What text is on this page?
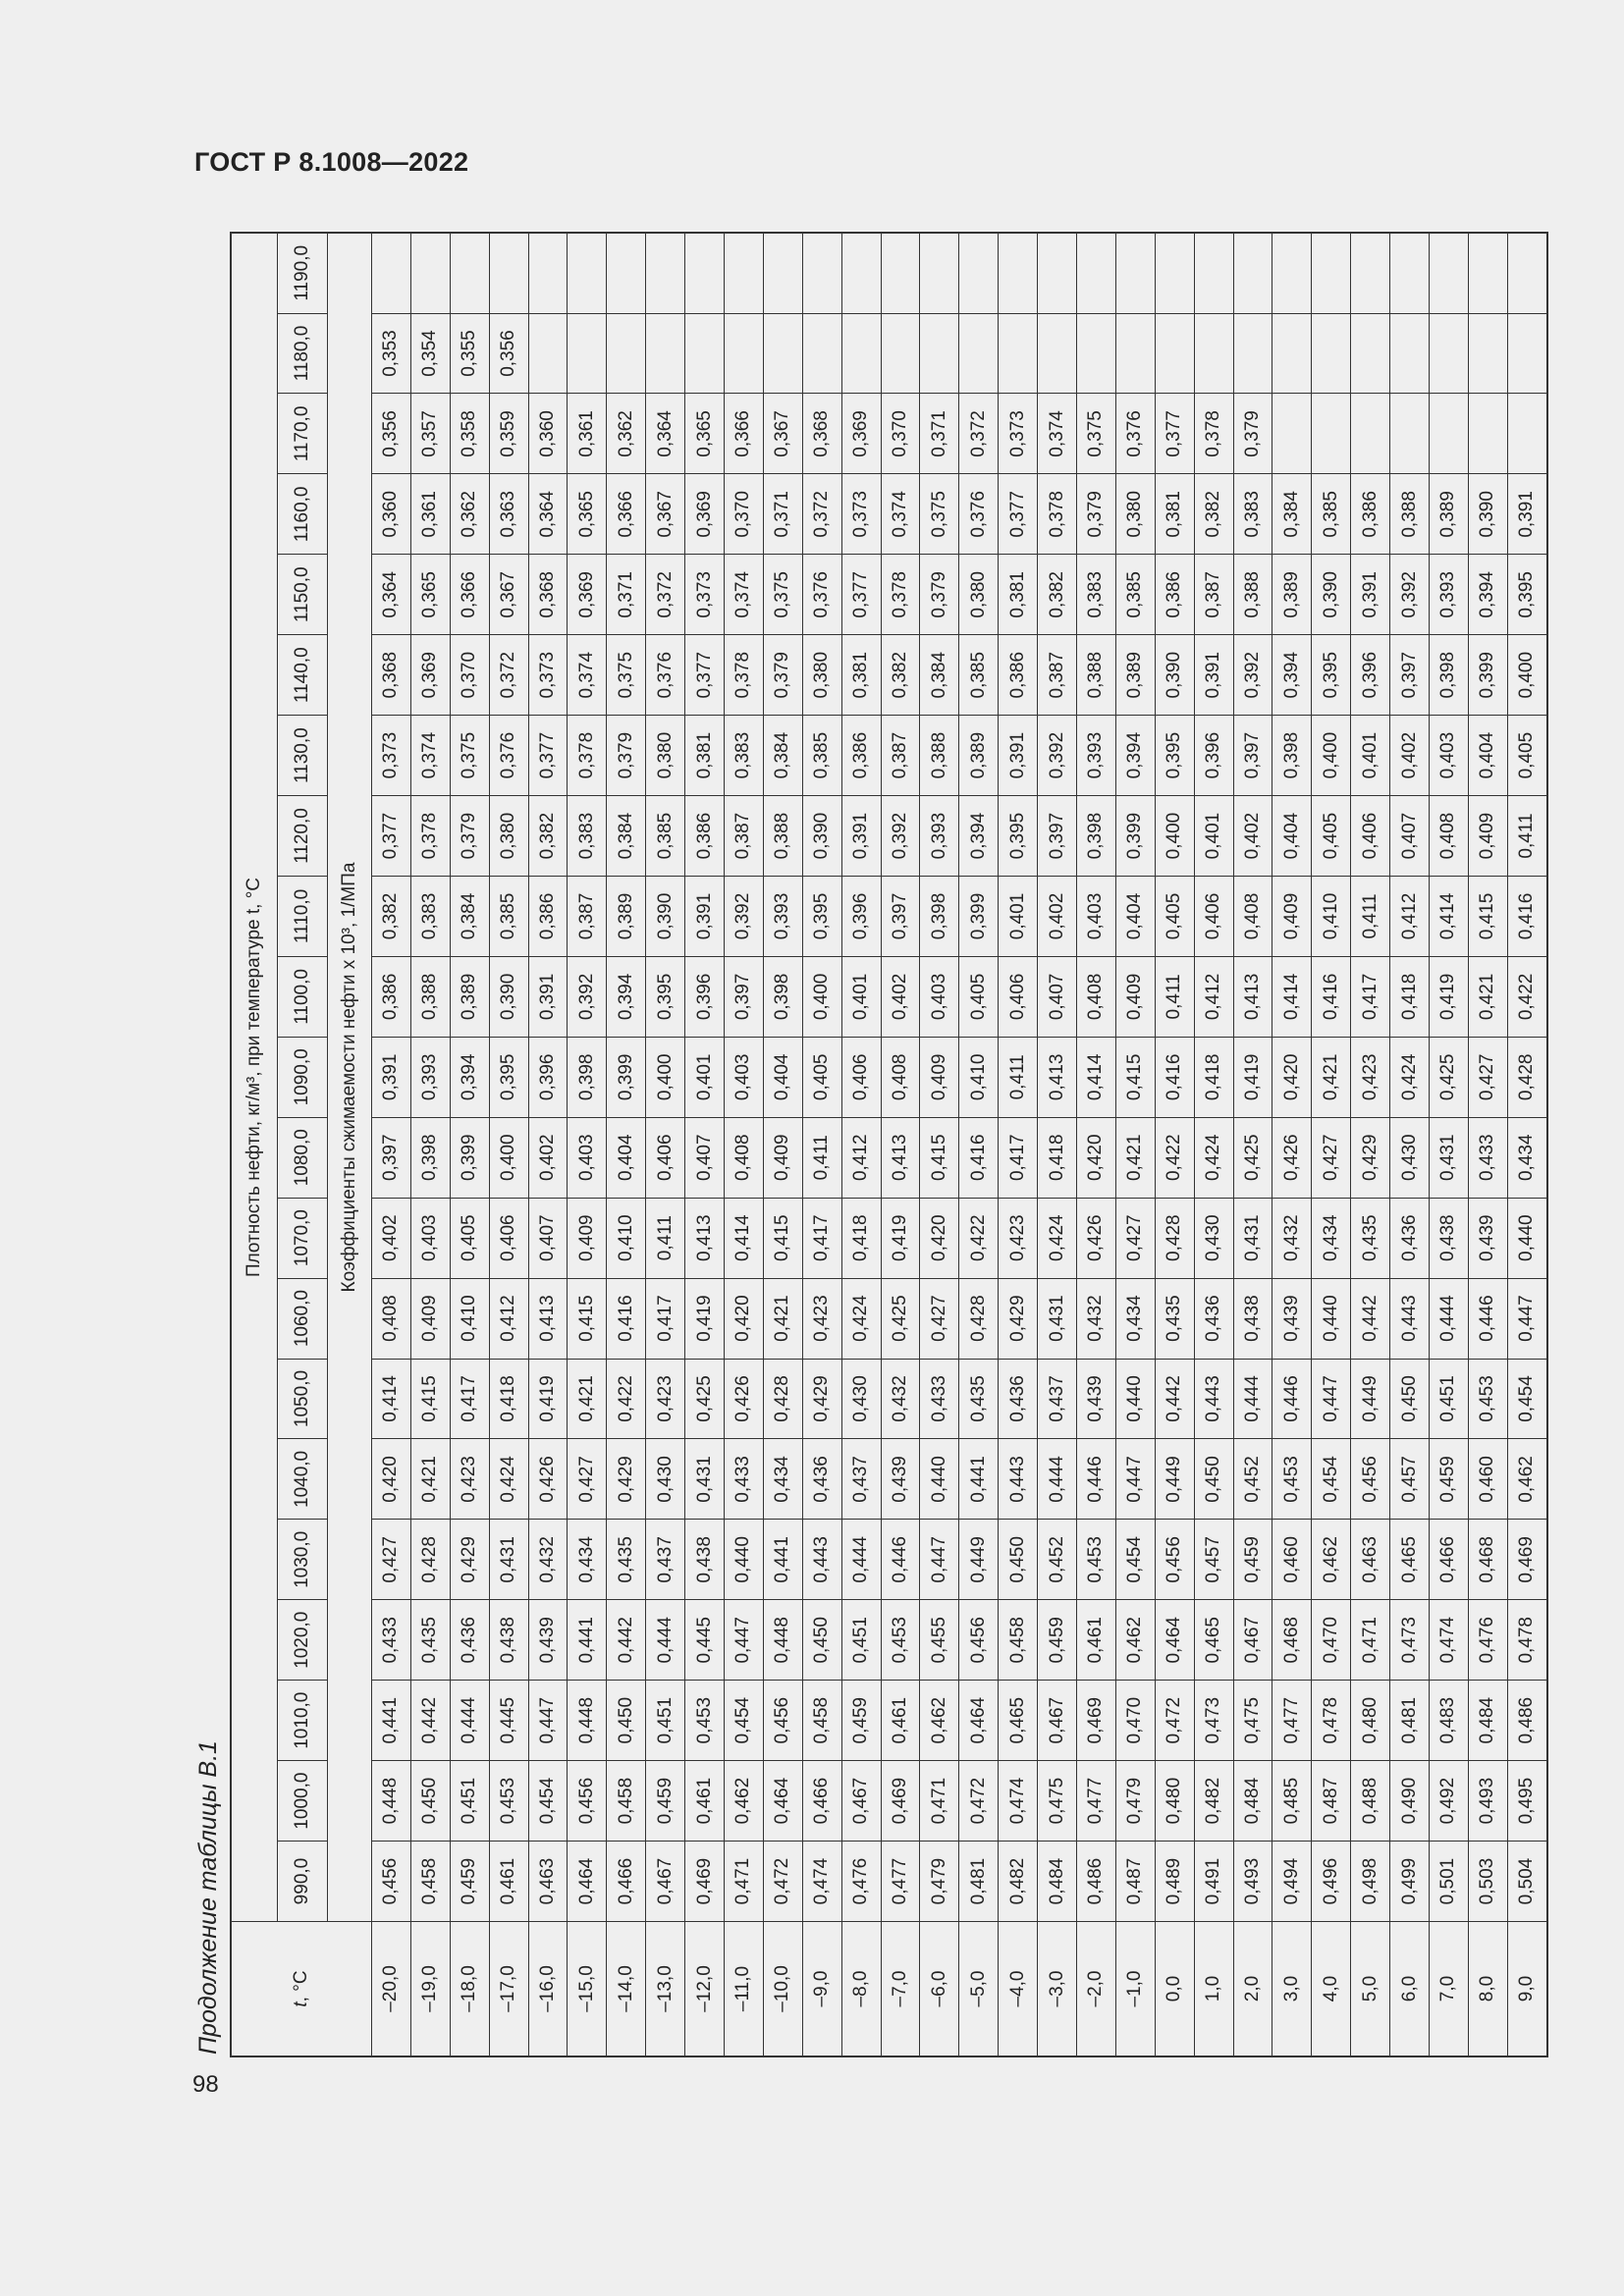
ГОСТ Р 8.1008—2022
Продолжение таблицы В.1	t, °С	Плотность нефти, кг/м³, при температуре t, °С																				
	990,0	1000,0	1010,0	1020,0	1030,0	1040,0	1050,0	1060,0	1070,0	1080,0	1090,0	1100,0	1110,0	1120,0	1130,0	1140,0	1150,0	1160,0	1170,0	1180,0	1190,0
	Коэффициенты сжимаемости нефти x 10³, 1/МПа																				
–20,0	0,456	0,448	0,441	0,433	0,427	0,420	0,414	0,408	0,402	0,397	0,391	0,386	0,382	0,377	0,373	0,368	0,364	0,360	0,356	0,353	
–19,0	0,458	0,450	0,442	0,435	0,428	0,421	0,415	0,409	0,403	0,398	0,393	0,388	0,383	0,378	0,374	0,369	0,365	0,361	0,357	0,354	
–18,0	0,459	0,451	0,444	0,436	0,429	0,423	0,417	0,410	0,405	0,399	0,394	0,389	0,384	0,379	0,375	0,370	0,366	0,362	0,358	0,355	
–17,0	0,461	0,453	0,445	0,438	0,431	0,424	0,418	0,412	0,406	0,400	0,395	0,390	0,385	0,380	0,376	0,372	0,367	0,363	0,359	0,356	
–16,0	0,463	0,454	0,447	0,439	0,432	0,426	0,419	0,413	0,407	0,402	0,396	0,391	0,386	0,382	0,377	0,373	0,368	0,364	0,360		
–15,0	0,464	0,456	0,448	0,441	0,434	0,427	0,421	0,415	0,409	0,403	0,398	0,392	0,387	0,383	0,378	0,374	0,369	0,365	0,361		
–14,0	0,466	0,458	0,450	0,442	0,435	0,429	0,422	0,416	0,410	0,404	0,399	0,394	0,389	0,384	0,379	0,375	0,371	0,366	0,362		
–13,0	0,467	0,459	0,451	0,444	0,437	0,430	0,423	0,417	0,411	0,406	0,400	0,395	0,390	0,385	0,380	0,376	0,372	0,367	0,364		
–12,0	0,469	0,461	0,453	0,445	0,438	0,431	0,425	0,419	0,413	0,407	0,401	0,396	0,391	0,386	0,381	0,377	0,373	0,369	0,365		
–11,0	0,471	0,462	0,454	0,447	0,440	0,433	0,426	0,420	0,414	0,408	0,403	0,397	0,392	0,387	0,383	0,378	0,374	0,370	0,366		
–10,0	0,472	0,464	0,456	0,448	0,441	0,434	0,428	0,421	0,415	0,409	0,404	0,398	0,393	0,388	0,384	0,379	0,375	0,371	0,367		
–9,0	0,474	0,466	0,458	0,450	0,443	0,436	0,429	0,423	0,417	0,411	0,405	0,400	0,395	0,390	0,385	0,380	0,376	0,372	0,368		
–8,0	0,476	0,467	0,459	0,451	0,444	0,437	0,430	0,424	0,418	0,412	0,406	0,401	0,396	0,391	0,386	0,381	0,377	0,373	0,369		
–7,0	0,477	0,469	0,461	0,453	0,446	0,439	0,432	0,425	0,419	0,413	0,408	0,402	0,397	0,392	0,387	0,382	0,378	0,374	0,370		
–6,0	0,479	0,471	0,462	0,455	0,447	0,440	0,433	0,427	0,420	0,415	0,409	0,403	0,398	0,393	0,388	0,384	0,379	0,375	0,371		
–5,0	0,481	0,472	0,464	0,456	0,449	0,441	0,435	0,428	0,422	0,416	0,410	0,405	0,399	0,394	0,389	0,385	0,380	0,376	0,372		
–4,0	0,482	0,474	0,465	0,458	0,450	0,443	0,436	0,429	0,423	0,417	0,411	0,406	0,401	0,395	0,391	0,386	0,381	0,377	0,373		
–3,0	0,484	0,475	0,467	0,459	0,452	0,444	0,437	0,431	0,424	0,418	0,413	0,407	0,402	0,397	0,392	0,387	0,382	0,378	0,374		
–2,0	0,486	0,477	0,469	0,461	0,453	0,446	0,439	0,432	0,426	0,420	0,414	0,408	0,403	0,398	0,393	0,388	0,383	0,379	0,375		
–1,0	0,487	0,479	0,470	0,462	0,454	0,447	0,440	0,434	0,427	0,421	0,415	0,409	0,404	0,399	0,394	0,389	0,385	0,380	0,376		
0,0	0,489	0,480	0,472	0,464	0,456	0,449	0,442	0,435	0,428	0,422	0,416	0,411	0,405	0,400	0,395	0,390	0,386	0,381	0,377		
1,0	0,491	0,482	0,473	0,465	0,457	0,450	0,443	0,436	0,430	0,424	0,418	0,412	0,406	0,401	0,396	0,391	0,387	0,382	0,378		
2,0	0,493	0,484	0,475	0,467	0,459	0,452	0,444	0,438	0,431	0,425	0,419	0,413	0,408	0,402	0,397	0,392	0,388	0,383	0,379		
3,0	0,494	0,485	0,477	0,468	0,460	0,453	0,446	0,439	0,432	0,426	0,420	0,414	0,409	0,404	0,398	0,394	0,389	0,384			
4,0	0,496	0,487	0,478	0,470	0,462	0,454	0,447	0,440	0,434	0,427	0,421	0,416	0,410	0,405	0,400	0,395	0,390	0,385			
5,0	0,498	0,488	0,480	0,471	0,463	0,456	0,449	0,442	0,435	0,429	0,423	0,417	0,411	0,406	0,401	0,396	0,391	0,386			
6,0	0,499	0,490	0,481	0,473	0,465	0,457	0,450	0,443	0,436	0,430	0,424	0,418	0,412	0,407	0,402	0,397	0,392	0,388			
7,0	0,501	0,492	0,483	0,474	0,466	0,459	0,451	0,444	0,438	0,431	0,425	0,419	0,414	0,408	0,403	0,398	0,393	0,389			
8,0	0,503	0,493	0,484	0,476	0,468	0,460	0,453	0,446	0,439	0,433	0,427	0,421	0,415	0,409	0,404	0,399	0,394	0,390			
9,0	0,504	0,495	0,486	0,478	0,469	0,462	0,454	0,447	0,440	0,434	0,428	0,422	0,416	0,411	0,405	0,400	0,395	0,391			
98
